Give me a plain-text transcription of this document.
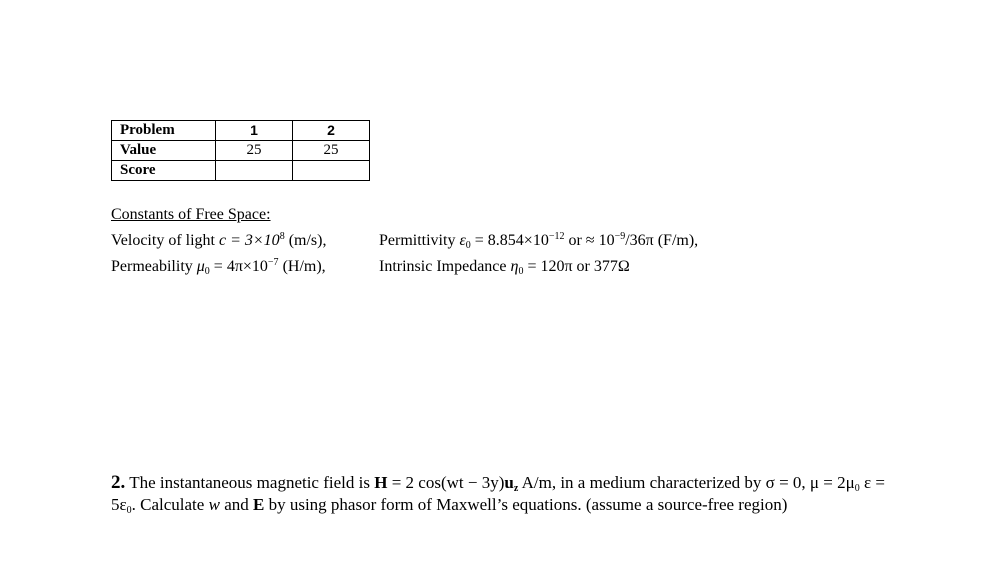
Problem	1	2
Value	25	25
Score		
Constants of Free Space:
Velocity of light $c = 3\times 10^8$ (m/s),	Permittivity $\varepsilon_0 = 8.854\times 10^{-12}$ or ≈ $10^{-9}/36\pi$ (F/m),
Permeability $\mu_0 = 4\pi\times 10^{-7}$ (H/m),	Intrinsic Impedance $\eta_0 = 120\pi$ or 377Ω
2. The instantaneous magnetic field is H = 2 $\cos(wt - 3y)u_z$ A/m, in a medium characterized by σ = 0, $\mu = 2\mu_0$ $\varepsilon = 5\varepsilon_0$. Calculate w and E by using phasor form of Maxwell’s equations. (assume a source-free region)
